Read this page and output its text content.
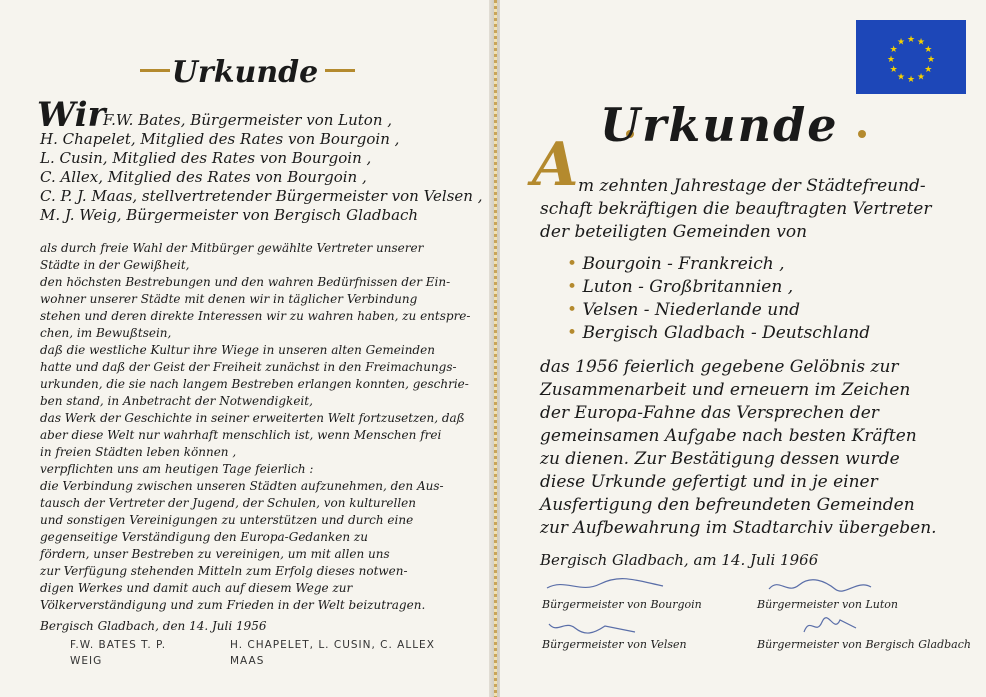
Urkunde
Wir
F.W. Bates, Bürgermeister von Luton ,
H. Chapelet, Mitglied des Rates von Bourgoin ,
L. Cusin, Mitglied des Rates von Bourgoin ,
C. Allex, Mitglied des Rates von Bourgoin ,
C. P. J. Maas, stellvertretender Bürgermeister von Velsen ,
M. J. Weig, Bürgermeister von Bergisch Gladbach
als durch freie Wahl der Mitbürger gewählte Vertreter unserer
Städte in der Gewißheit,
den höchsten Bestrebungen und den wahren Bedürfnissen der Ein-
wohner unserer Städte mit denen wir in täglicher Verbindung
stehen und deren direkte Interessen wir zu wahren haben, zu entspre-
chen, im Bewußtsein,
daß die westliche Kultur ihre Wiege in unseren alten Gemeinden
hatte und daß der Geist der Freiheit zunächst in den Freimachungs-
urkunden, die sie nach langem Bestreben erlangen konnten, geschrie-
ben stand, in Anbetracht der Notwendigkeit,
das Werk der Geschichte in seiner erweiterten Welt fortzusetzen, daß
aber diese Welt nur wahrhaft menschlich ist, wenn Menschen frei
in freien Städten leben können ,
verpflichten uns am heutigen Tage feierlich :
die Verbindung zwischen unseren Städten aufzunehmen, den Aus-
tausch der Vertreter der Jugend, der Schulen, von kulturellen
und sonstigen Vereinigungen zu unterstützen und durch eine
gegenseitige Verständigung den Europa-Gedanken zu
fördern, unser Bestreben zu vereinigen, um mit allen uns
zur Verfügung stehenden Mitteln zum Erfolg dieses notwen-
digen Werkes und damit auch auf diesem Wege zur
Völkerverständigung und zum Frieden in der Welt beizutragen.
Bergisch Gladbach, den 14. Juli 1956
F.W. BATES T. P.	H. CHAPELET, L. CUSIN, C. ALLEX
WEIG	MAAS
★ ★
★
★
★
★
★
★
★
★
★
★
Urkunde
A m zehnten Jahrestage der Städtefreund-
schaft bekräftigen die beauftragten Vertreter
der beteiligten Gemeinden von
• Bourgoin - Frankreich ,
• Luton - Großbritannien ,
• Velsen - Niederlande und
• Bergisch Gladbach - Deutschland
das 1956 feierlich gegebene Gelöbnis zur
Zusammenarbeit und erneuern im Zeichen
der Europa-Fahne das Versprechen der
gemeinsamen Aufgabe nach besten Kräften
zu dienen. Zur Bestätigung dessen wurde
diese Urkunde gefertigt und in je einer
Ausfertigung den befreundeten Gemeinden
zur Aufbewahrung im Stadtarchiv übergeben.
Bergisch Gladbach, am 14. Juli 1966
Bürgermeister von Bourgoin	Bürgermeister von Luton
Bürgermeister von Velsen	Bürgermeister von Bergisch Gladbach
